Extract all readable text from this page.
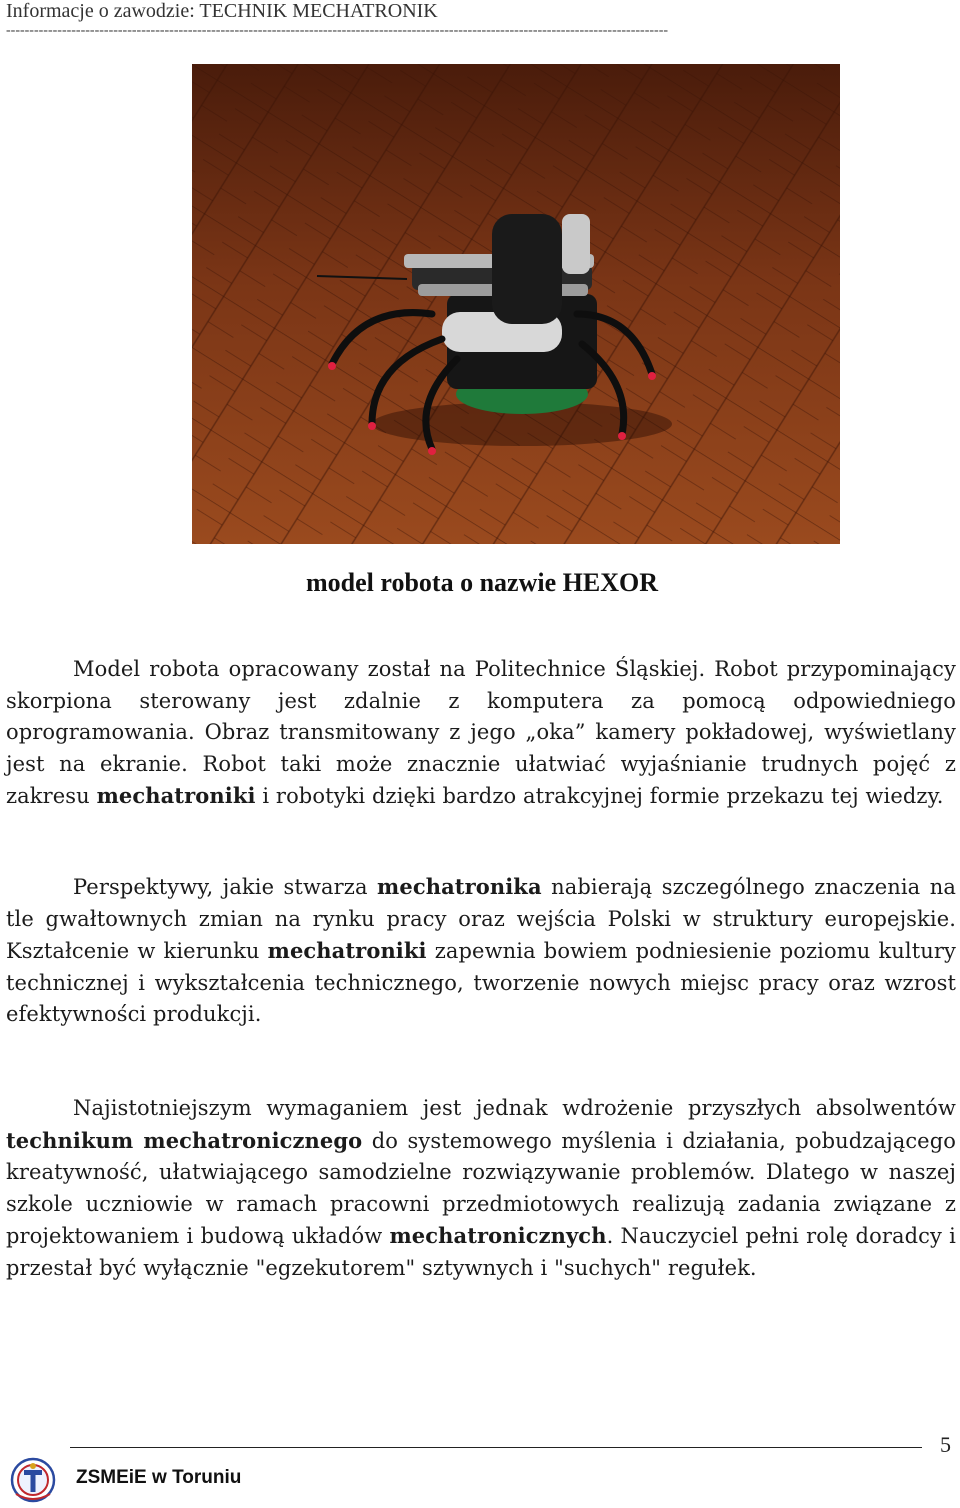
Informacje o zawodzie: TECHNIK MECHATRONIK
----------------------------------------------------------------------------------------------------------------------------------------------
model robota o nazwie HEXOR
Model robota opracowany został na Politechnice Śląskiej. Robot przypominający skorpiona sterowany jest zdalnie z komputera za pomocą odpowiedniego oprogramowania. Obraz transmitowany z jego „oka” kamery pokładowej, wyświetlany jest na ekranie. Robot taki może znacznie ułatwiać wyjaśnianie trudnych pojęć z zakresu mechatroniki i robotyki dzięki bardzo atrakcyjnej formie przekazu tej wiedzy.
Perspektywy, jakie stwarza mechatronika nabierają szczególnego znaczenia na tle gwałtownych zmian na rynku pracy oraz wejścia Polski w struktury europejskie. Kształcenie w kierunku mechatroniki zapewnia bowiem podniesienie poziomu kultury technicznej i wykształcenia technicznego, tworzenie nowych miejsc pracy oraz wzrost efektywności produkcji.
Najistotniejszym wymaganiem jest jednak wdrożenie przyszłych absolwentów technikum mechatronicznego do systemowego myślenia i działania, pobudzającego kreatywność, ułatwiającego samodzielne rozwiązywanie problemów. Dlatego w naszej szkole uczniowie w ramach pracowni przedmiotowych realizują zadania związane z projektowaniem i budową układów mechatronicznych. Nauczyciel pełni rolę doradcy i przestał być wyłącznie "egzekutorem" sztywnych i "suchych" regułek.
5
ZSMEiE w Toruniu
